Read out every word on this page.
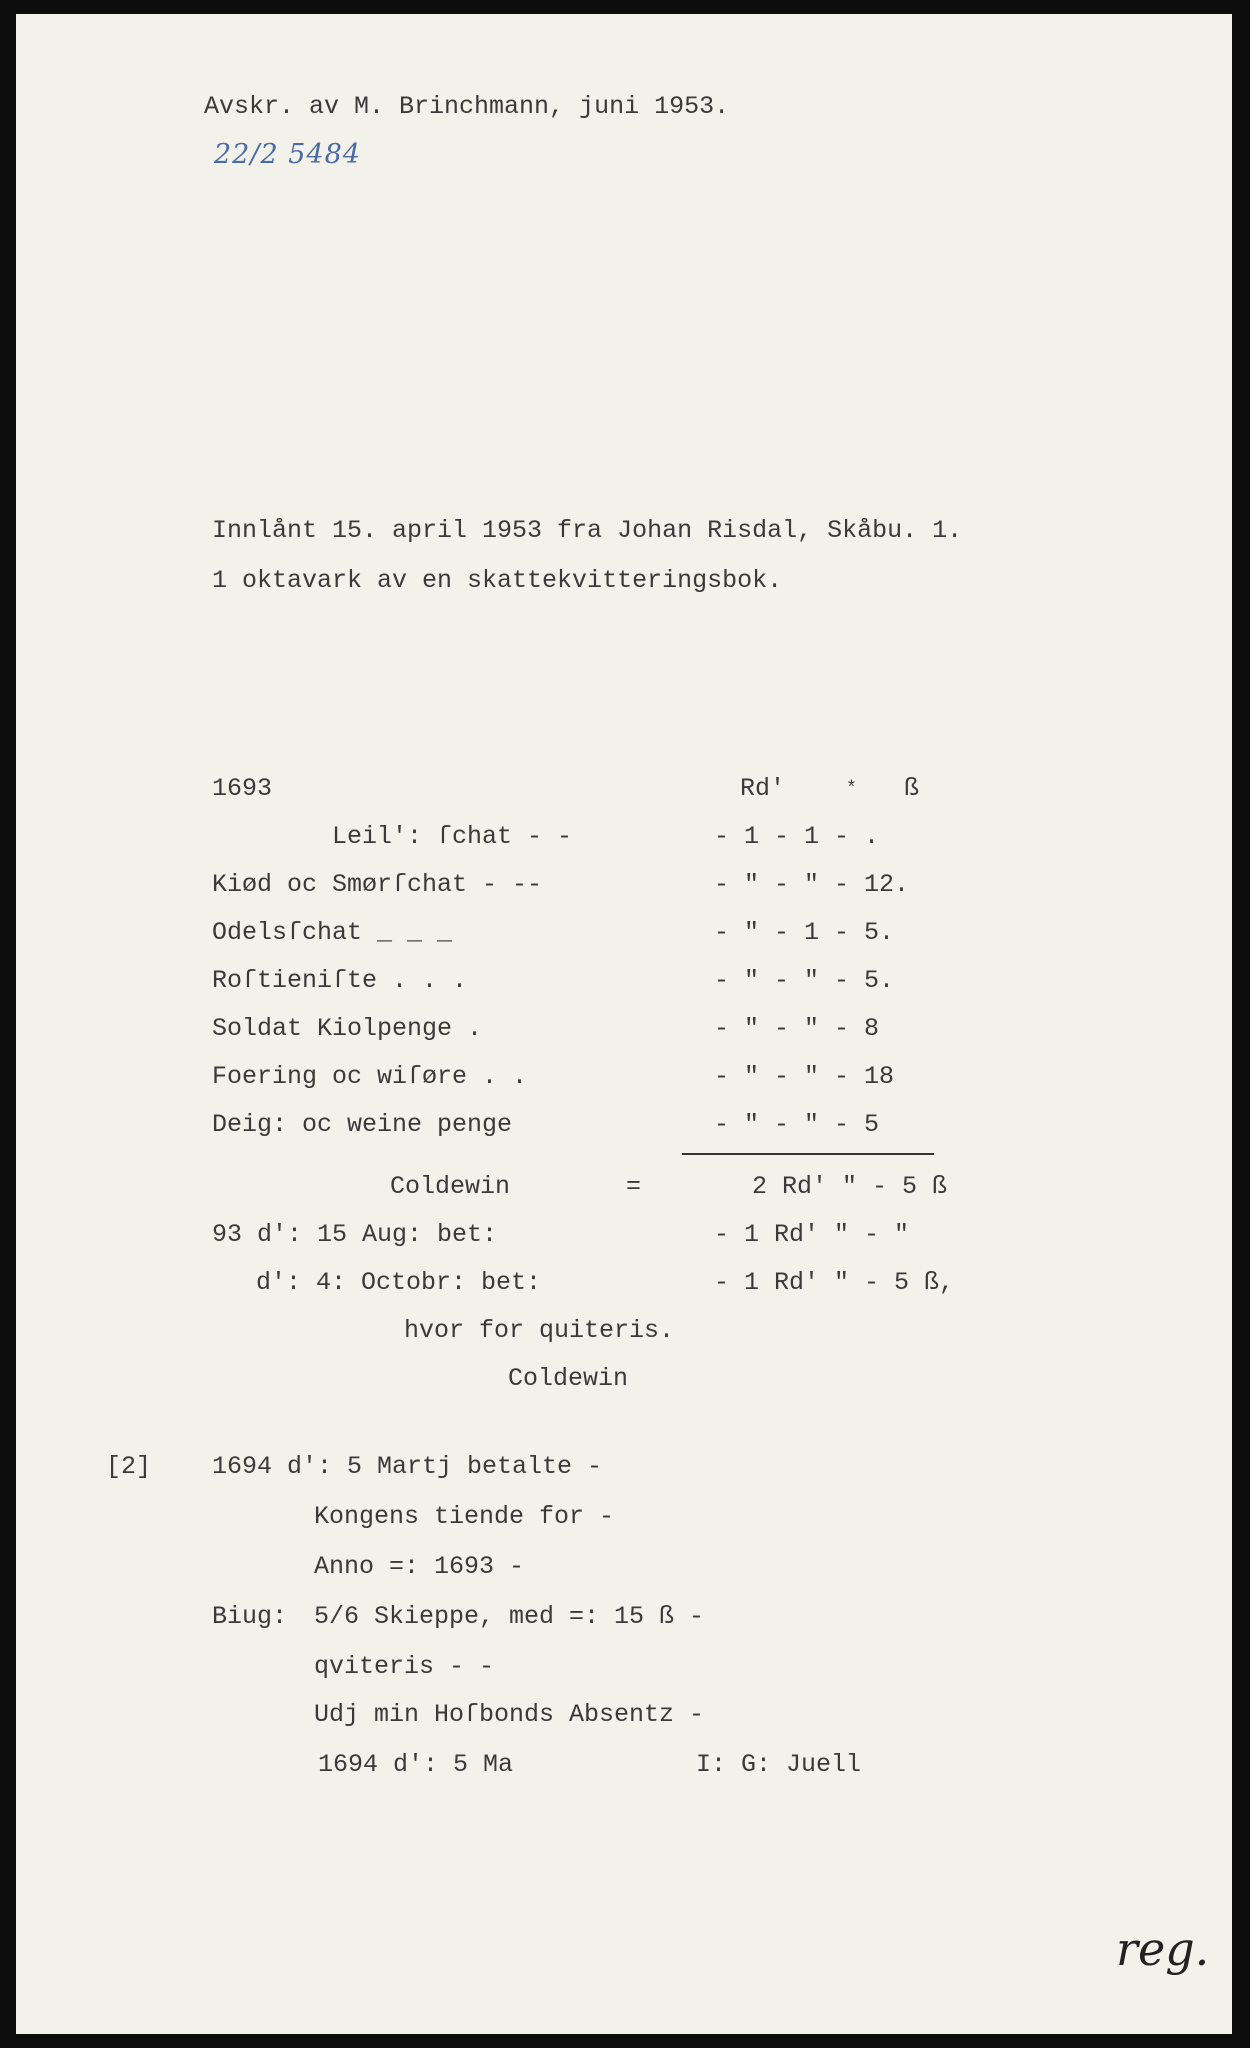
Avskr. av M. Brinchmann, juni 1953.
22/2 5484
Innlånt 15. april 1953 fra Johan Risdal, Skåbu. 1.
1 oktavark av en skattekvitteringsbok.
1693	Rd'	* ß
Leil': ſchat - -	- 1 - 1 - .
Kiød oc Smørſchat - --	- " - " - 12.
Odelsſchat _ _ _	- " - 1 - 5.
Roſtieniſte . . .	- " - " - 5.
Soldat Kiolpenge .	- " - " - 8
Foering oc wiſøre . .	- " - " - 18
Deig: oc weine penge	- " - " - 5
Coldewin	=	2 Rd' " - 5 ß
93 d': 15 Aug: bet:	- 1 Rd' " - "
d': 4: Octobr: bet:	- 1 Rd' " - 5 ß,
hvor for quiteris.
Coldewin
[2] 1694 d': 5 Martj betalte -
Kongens tiende for -
Anno =: 1693 -
Biug: 5/6 Skieppe, med =: 15 ß -
qviteris - -
Udj min Hoſbonds Absentz -
1694 d': 5 Ma	I: G: Juell
reg.
